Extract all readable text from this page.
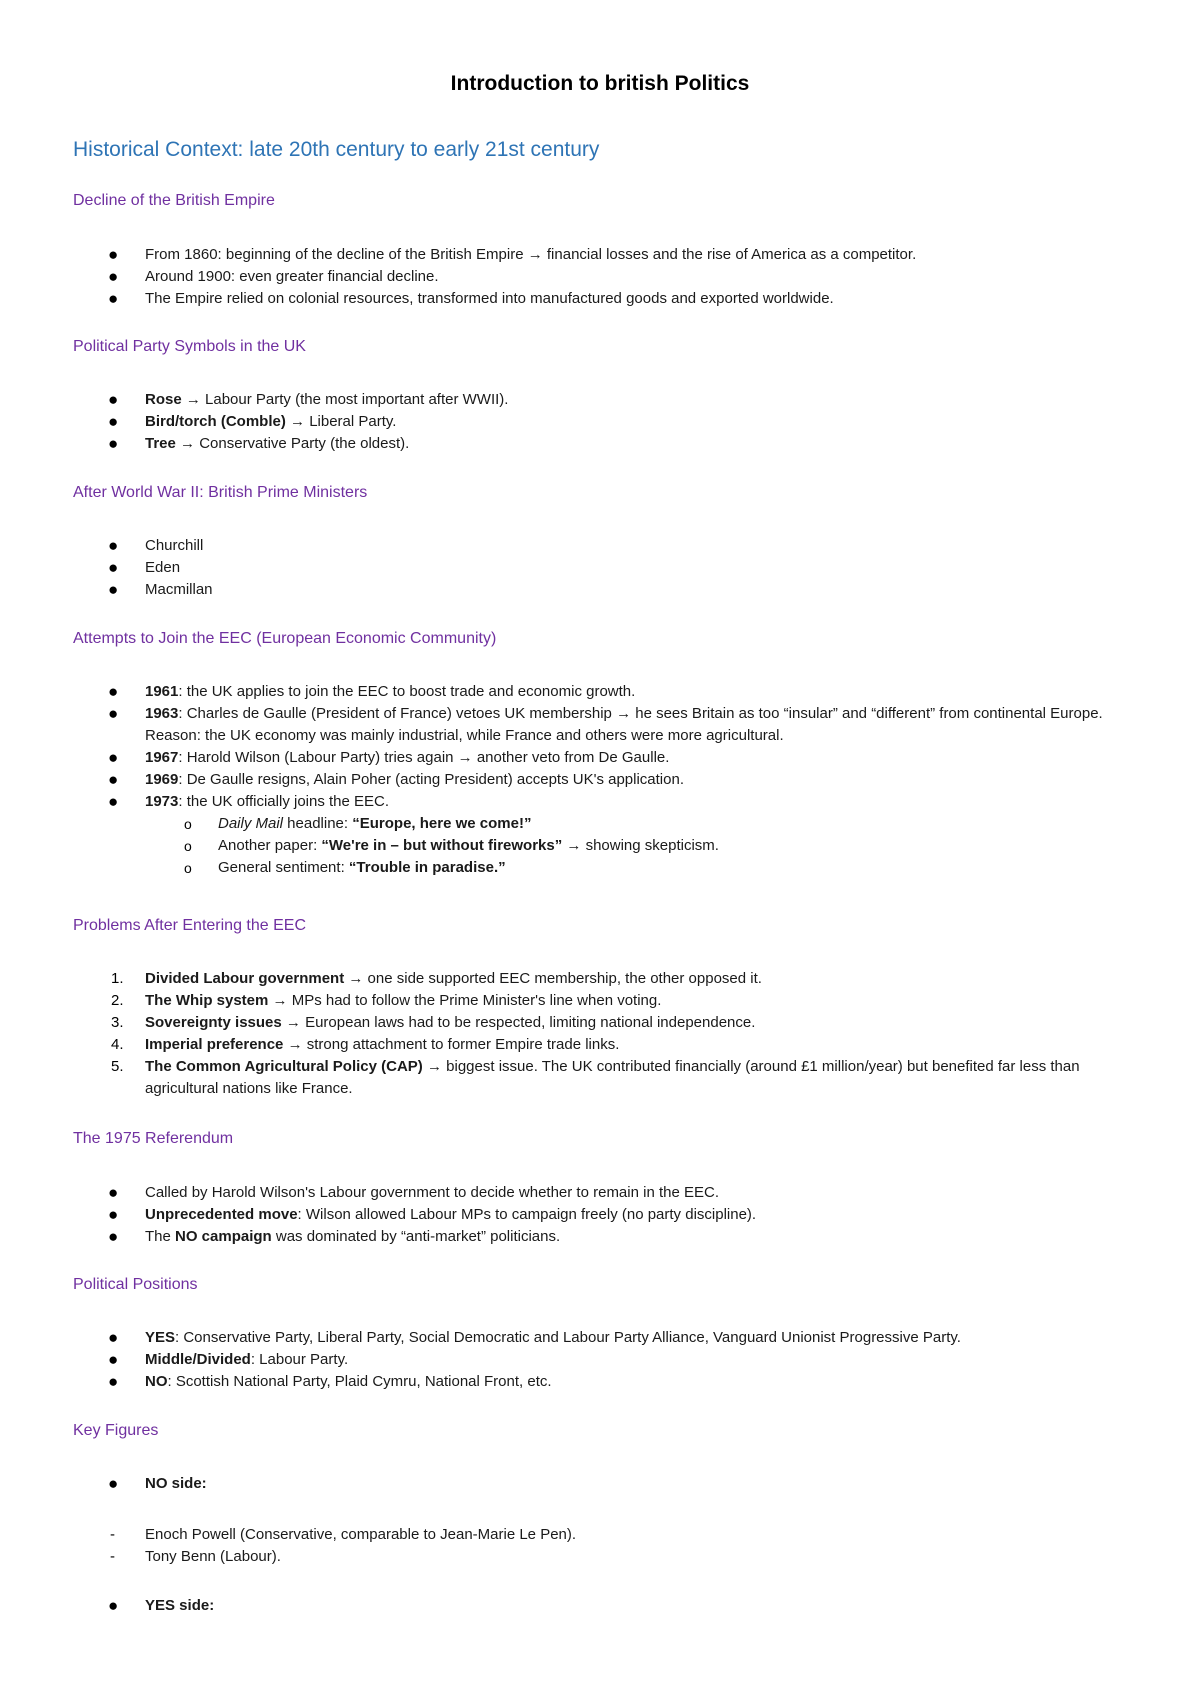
Introduction to british Politics
Historical Context: late 20th century to early 21st century
Decline of the British Empire
● From 1860: beginning of the decline of the British Empire → financial losses and the rise of America as a competitor.
● Around 1900: even greater financial decline.
● The Empire relied on colonial resources, transformed into manufactured goods and exported worldwide.
Political Party Symbols in the UK
● Rose → Labour Party (the most important after WWII).
● Bird/torch (Comble) → Liberal Party.
● Tree → Conservative Party (the oldest).
After World War II: British Prime Ministers
● Churchill
● Eden
● Macmillan
Attempts to Join the EEC (European Economic Community)
● 1961: the UK applies to join the EEC to boost trade and economic growth.
● 1963: Charles de Gaulle (President of France) vetoes UK membership → he sees Britain as too “insular” and “different” from continental Europe. Reason: the UK economy was mainly industrial, while France and others were more agricultural.
● 1967: Harold Wilson (Labour Party) tries again → another veto from De Gaulle.
● 1969: De Gaulle resigns, Alain Poher (acting President) accepts UK's application.
● 1973: the UK officially joins the EEC.
o Daily Mail headline: “Europe, here we come!”
o Another paper: “We're in – but without fireworks” → showing skepticism.
o General sentiment: “Trouble in paradise.”
Problems After Entering the EEC
1. Divided Labour government → one side supported EEC membership, the other opposed it.
2. The Whip system → MPs had to follow the Prime Minister's line when voting.
3. Sovereignty issues → European laws had to be respected, limiting national independence.
4. Imperial preference → strong attachment to former Empire trade links.
5. The Common Agricultural Policy (CAP) → biggest issue. The UK contributed financially (around £1 million/year) but benefited far less than agricultural nations like France.
The 1975 Referendum
● Called by Harold Wilson's Labour government to decide whether to remain in the EEC.
● Unprecedented move: Wilson allowed Labour MPs to campaign freely (no party discipline).
● The NO campaign was dominated by “anti-market” politicians.
Political Positions
● YES: Conservative Party, Liberal Party, Social Democratic and Labour Party Alliance, Vanguard Unionist Progressive Party.
● Middle/Divided: Labour Party.
● NO: Scottish National Party, Plaid Cymru, National Front, etc.
Key Figures
● NO side:
- Enoch Powell (Conservative, comparable to Jean-Marie Le Pen).
- Tony Benn (Labour).
● YES side:
